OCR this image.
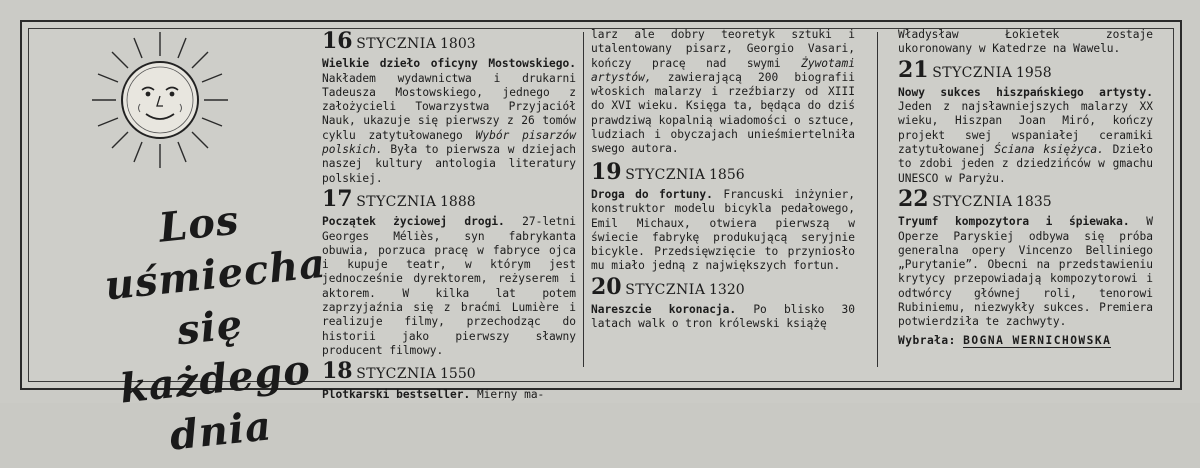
Los
uśmiecha się
każdego dnia
16 STYCZNIA 1803

Wielkie dzieło oficyny Mostowskiego. Nakładem wydawnictwa i drukarni Tadeusza Mostowskiego, jednego z założycieli Towarzystwa Przyjaciół Nauk, ukazuje się pierwszy z 26 tomów cyklu zatytułowanego Wybór pisarzów polskich. Była to pierwsza w dziejach naszej kultury antologia literatury polskiej.

17 STYCZNIA 1888

Początek życiowej drogi. 27-letni Georges Méliès, syn fabrykanta obuwia, porzuca pracę w fabryce ojca i kupuje teatr, w którym jest jednocześnie dyrektorem, reżyserem i aktorem. W kilka lat potem zaprzyjaźnia się z braćmi Lumière i realizuje filmy, przechodząc do historii jako pierwszy sławny producent filmowy.

18 STYCZNIA 1550

Plotkarski bestseller. Mierny ma-

larz ale dobry teoretyk sztuki i utalentowany pisarz, Georgio Vasari, kończy pracę nad swymi Żywotami artystów, zawierającą 200 biografii włoskich malarzy i rzeźbiarzy od XIII do XVI wieku. Księga ta, będąca do dziś prawdziwą kopalnią wiadomości o sztuce, ludziach i obyczajach unieśmiertelniła swego autora.

19 STYCZNIA 1856

Droga do fortuny. Francuski inżynier, konstruktor modelu bicykla pedałowego, Emil Michaux, otwiera pierwszą w świecie fabrykę produkującą seryjnie bicykle. Przedsięwzięcie to przyniosło mu miało jedną z największych fortun.

20 STYCZNIA 1320

Nareszcie koronacja. Po blisko 30 latach walk o tron królewski książę

Władysław Łokietek zostaje ukoronowany w Katedrze na Wawelu.

21 STYCZNIA 1958

Nowy sukces hiszpańskiego artysty. Jeden z najsławniejszych malarzy XX wieku, Hiszpan Joan Miró, kończy projekt swej wspaniałej ceramiki zatytułowanej Ściana księżyca. Dzieło to zdobi jeden z dziedzińców w gmachu UNESCO w Paryżu.

22 STYCZNIA 1835

Tryumf kompozytora i śpiewaka. W Operze Paryskiej odbywa się próba generalna opery Vincenzo Belliniego „Purytanie”. Obecni na przedstawieniu krytycy przepowiadają kompozytorowi i odtwórcy głównej roli, tenorowi Rubiniemu, niezwykły sukces. Premiera potwierdziła te zachwyty.

Wybrała: BOGNA WERNICHOWSKA
